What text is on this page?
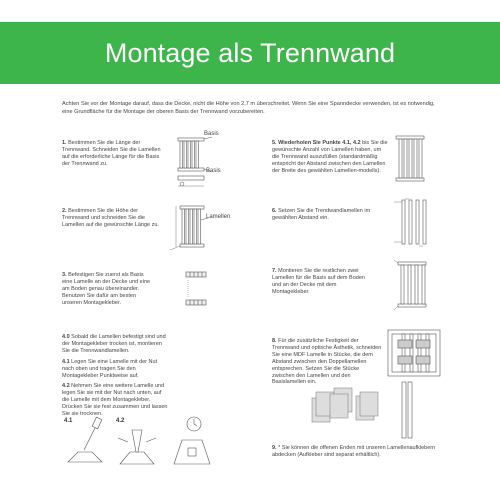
Montage als Trennwand
Achten Sie vor der Montage darauf, dass die Decke, nicht die Höhe von 2,7 m überschreitet. Wenn Sie eine Spanndecke verwenden, ist es notwendig, eine Grundfläche für die Montage der oberen Basis der Trennwand vorzubereiten.
1. Bestimmen Sie die Länge der Trennwand. Schneiden Sie die Lamellen auf die erforderliche Länge für die Basis der Trennwand zu.
2. Bestimmen Sie die Höhe der Trennwand und schneiden Sie die Lamellen auf die gewünschte Länge zu.
3. Befestigen Sie zuerst als Basis eine Lamelle an der Decke und eine am Boden genau übereinander. Benutzen Sie dafür am besten unseren Montagekleber.

4.0 Sobald die Lamellen befestigt sind und der Montagekleber trocken ist, montieren Sie die Trennwandlamellen.

4.1 Legen Sie eine Lamelle mit der Nut nach oben und tragen Sie den Montagekleber Punktweise auf.

4.2 Nehmen Sie eine weitere Lamelle und legen Sie sie mit der Nut nach unten, auf die Lamelle mit dem Montagekleber. Drücken Sie sie fest zusammen und lassen Sie sie trocknen.

5. Wiederholen Sie Punkte 4.1, 4.2 bis Sie die gewünschte Anzahl von Lamellen haben, um die Trennwand auszufüllen (standardmäßig entspricht der Abstand zwischen den Lamellen der Breite des gewählten Lamellen-modells).
6. Setzen Sie die Trendwandlamellen im gewählten Abstand ein.
7. Montieren Sie die restlichen zwei Lamellen für die Basis auf dem Boden und an der Decke mit dem Montagekleber.
8. Für die zusätzliche Festigkeit der Trennwand und optische Ästhetik, schneiden Sie eine MDF Lamelle in Stücke, die dem Abstand zwischen den Doppellamellen entsprechen. Setzen Sie die Stücke zwischen den Lamellen und den Basislamellen ein.
9. * Sie können die offenen Enden mit unseren Lamellenaufklebern abdecken (Aufkleber sind separat erhältlich).
Basis
Basis
Lamellen
4.1	4.2
